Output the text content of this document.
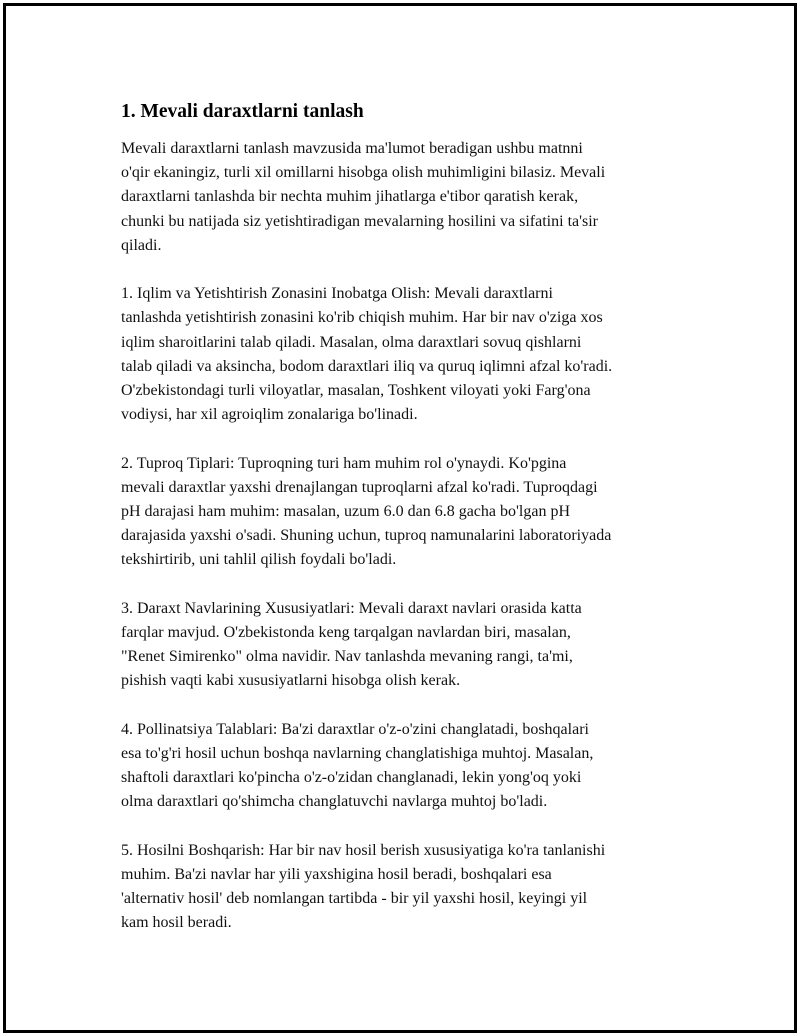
1. Mevali daraxtlarni tanlash

Mevali daraxtlarni tanlash mavzusida ma'lumot beradigan ushbu matnni
o'qir ekaningiz, turli xil omillarni hisobga olish muhimligini bilasiz. Mevali
daraxtlarni tanlashda bir nechta muhim jihatlarga e'tibor qaratish kerak,
chunki bu natijada siz yetishtiradigan mevalarning hosilini va sifatini ta'sir
qiladi.

1. Iqlim va Yetishtirish Zonasini Inobatga Olish: Mevali daraxtlarni
tanlashda yetishtirish zonasini ko'rib chiqish muhim. Har bir nav o'ziga xos
iqlim sharoitlarini talab qiladi. Masalan, olma daraxtlari sovuq qishlarni
talab qiladi va aksincha, bodom daraxtlari iliq va quruq iqlimni afzal ko'radi.
O'zbekistondagi turli viloyatlar, masalan, Toshkent viloyati yoki Farg'ona
vodiysi, har xil agroiqlim zonalariga bo'linadi.

2. Tuproq Tiplari: Tuproqning turi ham muhim rol o'ynaydi. Ko'pgina
mevali daraxtlar yaxshi drenajlangan tuproqlarni afzal ko'radi. Tuproqdagi
pH darajasi ham muhim: masalan, uzum 6.0 dan 6.8 gacha bo'lgan pH
darajasida yaxshi o'sadi. Shuning uchun, tuproq namunalarini laboratoriyada
tekshirtirib, uni tahlil qilish foydali bo'ladi.

3. Daraxt Navlarining Xususiyatlari: Mevali daraxt navlari orasida katta
farqlar mavjud. O'zbekistonda keng tarqalgan navlardan biri, masalan,
"Renet Simirenko" olma navidir. Nav tanlashda mevaning rangi, ta'mi,
pishish vaqti kabi xususiyatlarni hisobga olish kerak.

4. Pollinatsiya Talablari: Ba'zi daraxtlar o'z-o'zini changlatadi, boshqalari
esa to'g'ri hosil uchun boshqa navlarning changlatishiga muhtoj. Masalan,
shaftoli daraxtlari ko'pincha o'z-o'zidan changlanadi, lekin yong'oq yoki
olma daraxtlari qo'shimcha changlatuvchi navlarga muhtoj bo'ladi.

5. Hosilni Boshqarish: Har bir nav hosil berish xususiyatiga ko'ra tanlanishi
muhim. Ba'zi navlar har yili yaxshigina hosil beradi, boshqalari esa
'alternativ hosil' deb nomlangan tartibda - bir yil yaxshi hosil, keyingi yil
kam hosil beradi.
